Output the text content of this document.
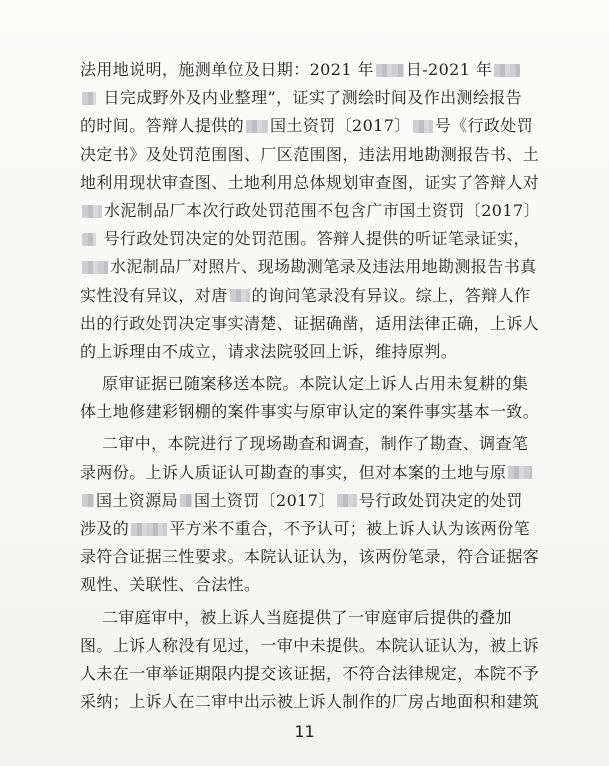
法用地说明，施测单位及日期：2021 年 日-2021 年
日完成野外及内业整理”，证实了测绘时间及作出测绘报告
的时间。答辩人提供的 国土资罚〔2017〕 号《行政处罚
决定书》及处罚范围图、厂区范围图，违法用地勘测报告书、土
地利用现状审查图、土地利用总体规划审查图，证实了答辩人对
水泥制品厂本次行政处罚范围不包含广市国土资罚〔2017〕
号行政处罚决定的处罚范围。答辩人提供的听证笔录证实，
水泥制品厂对照片、现场勘测笔录及违法用地勘测报告书真
实性没有异议，对唐 的询问笔录没有异议。综上，答辩人作
出的行政处罚决定事实清楚、证据确凿，适用法律正确，上诉人
的上诉理由不成立，请求法院驳回上诉，维持原判。
原审证据已随案移送本院。本院认定上诉人占用未复耕的集
体土地修建彩钢棚的案件事实与原审认定的案件事实基本一致。
二审中，本院进行了现场勘查和调查，制作了勘查、调查笔
录两份。上诉人质证认可勘查的事实，但对本案的土地与原
国土资源局 国土资罚〔2017〕 号行政处罚决定的处罚
涉及的	平方米不重合，不予认可；被上诉人认为该两份笔
录符合证据三性要求。本院认证认为，该两份笔录，符合证据客
观性、关联性、合法性。
二审庭审中，被上诉人当庭提供了一审庭审后提供的叠加
图。上诉人称没有见过，一审中未提供。本院认证认为，被上诉
人未在一审举证期限内提交该证据，不符合法律规定，本院不予
采纳；上诉人在二审中出示被上诉人制作的厂房占地面积和建筑
11
